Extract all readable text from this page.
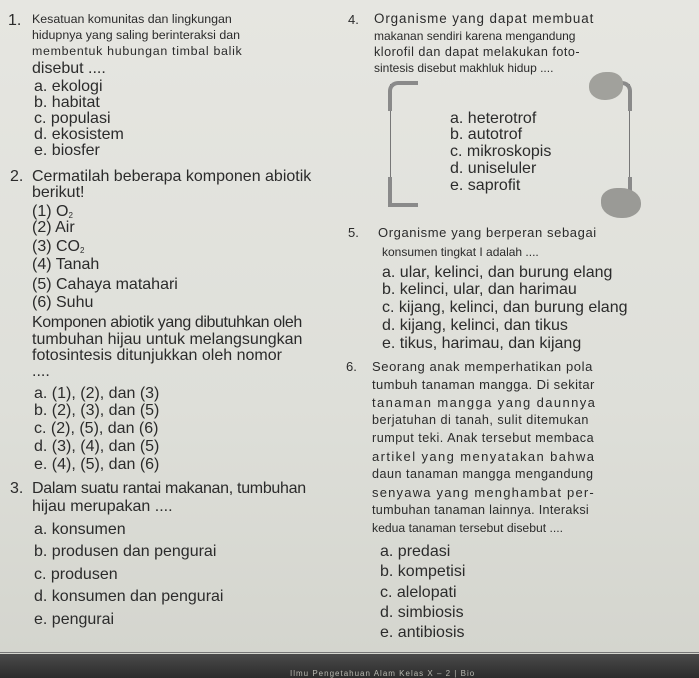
1. Kesatuan komunitas dan lingkungan
hidupnya yang saling berinteraksi dan
membentuk hubungan timbal balik
disebut ....
a. ekologi
b. habitat
c. populasi
d. ekosistem
e. biosfer
2. Cermatilah beberapa komponen abiotik
berikut!
(1) $O_2$
(2) Air
(3) $CO_2$
(4) Tanah
(5) Cahaya matahari
(6) Suhu
Komponen abiotik yang dibutuhkan oleh
tumbuhan hijau untuk melangsungkan
fotosintesis ditunjukkan oleh nomor
....
a. (1), (2), dan (3)
b. (2), (3), dan (5)
c. (2), (5), dan (6)
d. (3), (4), dan (5)
e. (4), (5), dan (6)
3. Dalam suatu rantai makanan, tumbuhan
hijau merupakan ....
a. konsumen
b. produsen dan pengurai
c. produsen
d. konsumen dan pengurai
e. pengurai
4. Organisme yang dapat membuat
makanan sendiri karena mengandung
klorofil dan dapat melakukan foto-
sintesis disebut makhluk hidup ....
a. heterotrof
b. autotrof
c. mikroskopis
d. uniseluler
e. saprofit
5. Organisme yang berperan sebagai
konsumen tingkat I adalah ....
a. ular, kelinci, dan burung elang
b. kelinci, ular, dan harimau
c. kijang, kelinci, dan burung elang
d. kijang, kelinci, dan tikus
e. tikus, harimau, dan kijang
6. Seorang anak memperhatikan pola
tumbuh tanaman mangga. Di sekitar
tanaman mangga yang daunnya
berjatuhan di tanah, sulit ditemukan
rumput teki. Anak tersebut membaca
artikel yang menyatakan bahwa
daun tanaman mangga mengandung
senyawa yang menghambat per-
tumbuhan tanaman lainnya. Interaksi
kedua tanaman tersebut disebut ....
a. predasi
b. kompetisi
c. alelopati
d. simbiosis
e. antibiosis
Ilmu Pengetahuan Alam Kelas X – 2 | Bio
